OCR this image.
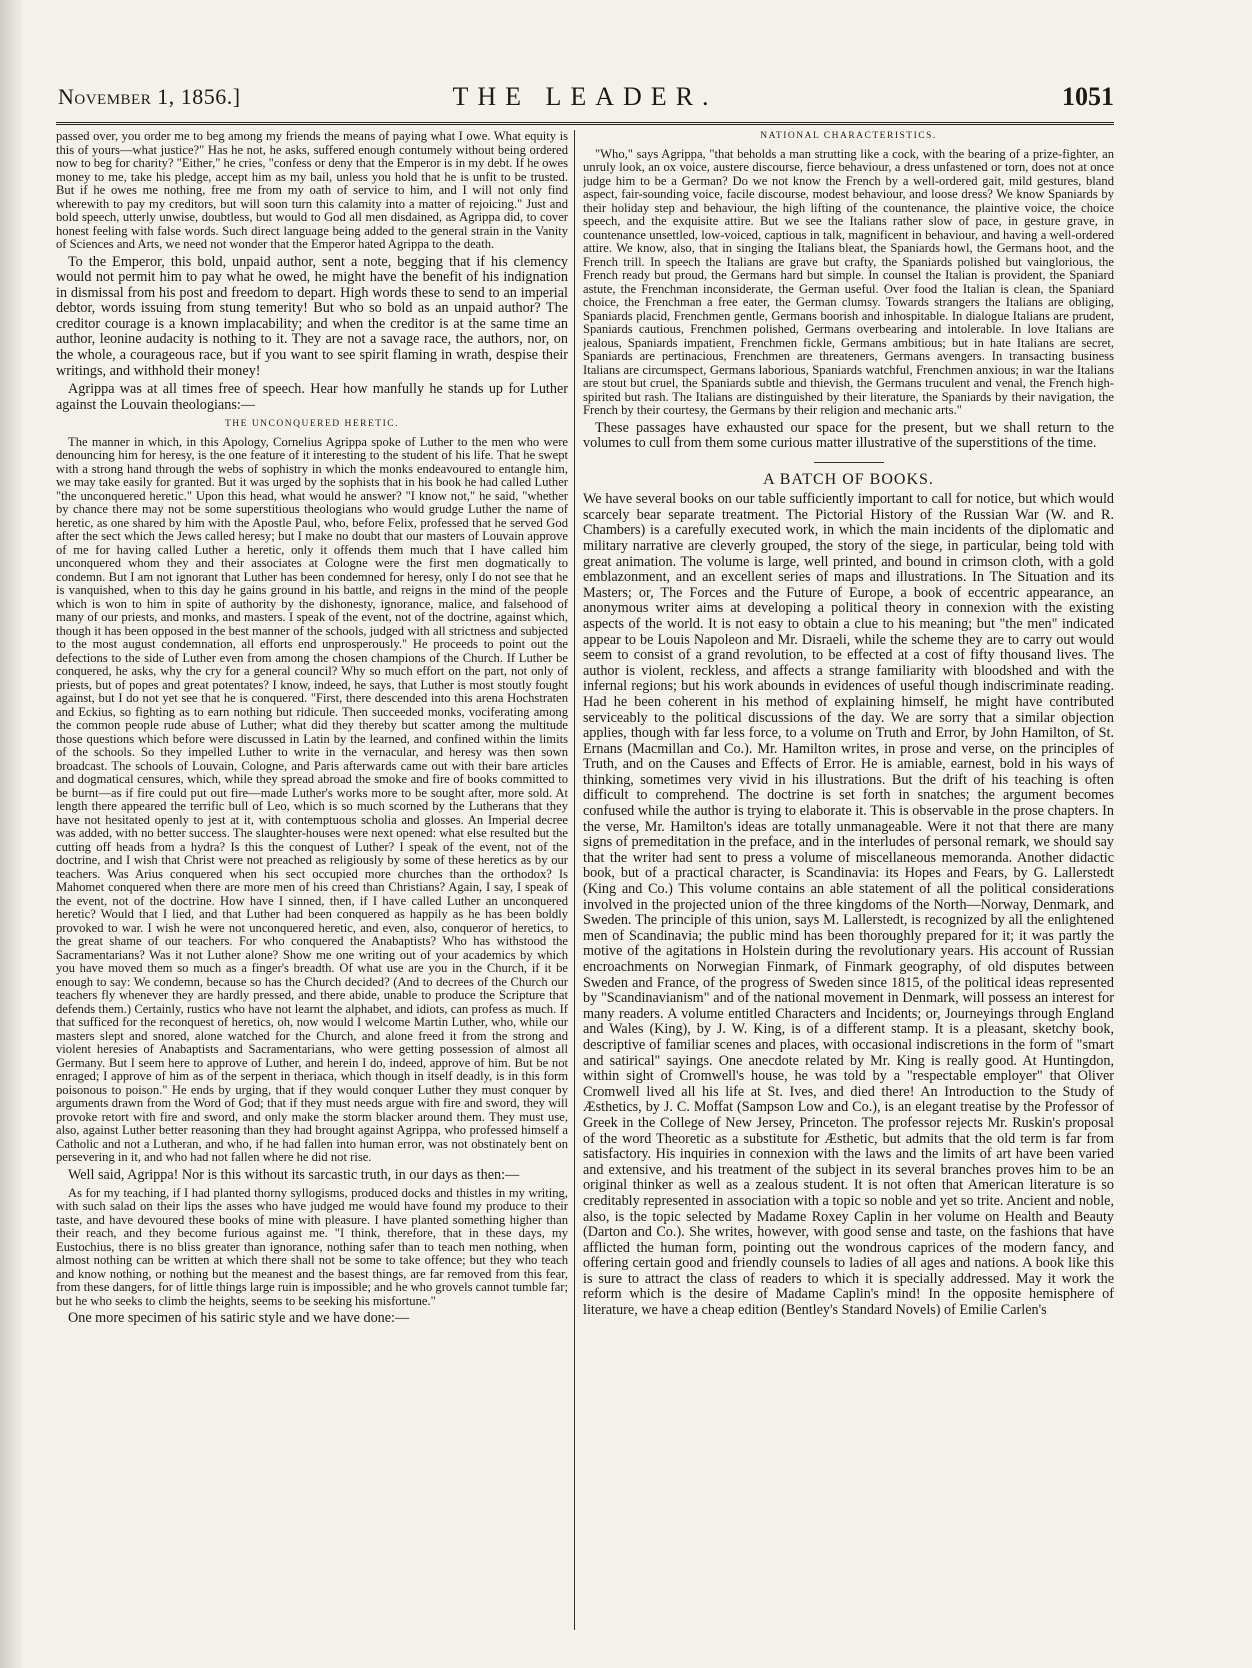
November 1, 1856.]	THE LEADER.	1051

passed over, you order me to beg among my friends the means of paying what I owe. What equity is this of yours—what justice?" Has he not, he asks, suffered enough contumely without being ordered now to beg for charity? "Either," he cries, "confess or deny that the Emperor is in my debt. If he owes money to me, take his pledge, accept him as my bail, unless you hold that he is unfit to be trusted. But if he owes me nothing, free me from my oath of service to him, and I will not only find wherewith to pay my creditors, but will soon turn this calamity into a matter of rejoicing." Just and bold speech, utterly unwise, doubtless, but would to God all men disdained, as Agrippa did, to cover honest feeling with false words. Such direct language being added to the general strain in the Vanity of Sciences and Arts, we need not wonder that the Emperor hated Agrippa to the death.

To the Emperor, this bold, unpaid author, sent a note, begging that if his clemency would not permit him to pay what he owed, he might have the benefit of his indignation in dismissal from his post and freedom to depart. High words these to send to an imperial debtor, words issuing from stung temerity! But who so bold as an unpaid author? The creditor courage is a known implacability; and when the creditor is at the same time an author, leonine audacity is nothing to it. They are not a savage race, the authors, nor, on the whole, a courageous race, but if you want to see spirit flaming in wrath, despise their writings, and withhold their money!

Agrippa was at all times free of speech. Hear how manfully he stands up for Luther against the Louvain theologians:—

THE UNCONQUERED HERETIC.

The manner in which, in this Apology, Cornelius Agrippa spoke of Luther to the men who were denouncing him for heresy, is the one feature of it interesting to the student of his life. That he swept with a strong hand through the webs of sophistry in which the monks endeavoured to entangle him, we may take easily for granted. But it was urged by the sophists that in his book he had called Luther "the unconquered heretic." Upon this head, what would he answer? "I know not," he said, "whether by chance there may not be some superstitious theologians who would grudge Luther the name of heretic, as one shared by him with the Apostle Paul, who, before Felix, professed that he served God after the sect which the Jews called heresy; but I make no doubt that our masters of Louvain approve of me for having called Luther a heretic, only it offends them much that I have called him unconquered whom they and their associates at Cologne were the first men dogmatically to condemn. But I am not ignorant that Luther has been condemned for heresy, only I do not see that he is vanquished, when to this day he gains ground in his battle, and reigns in the mind of the people which is won to him in spite of authority by the dishonesty, ignorance, malice, and falsehood of many of our priests, and monks, and masters. I speak of the event, not of the doctrine, against which, though it has been opposed in the best manner of the schools, judged with all strictness and subjected to the most august condemnation, all efforts end unprosperously." He proceeds to point out the defections to the side of Luther even from among the chosen champions of the Church. If Luther be conquered, he asks, why the cry for a general council? Why so much effort on the part, not only of priests, but of popes and great potentates? I know, indeed, he says, that Luther is most stoutly fought against, but I do not yet see that he is conquered. "First, there descended into this arena Hochstraten and Eckius, so fighting as to earn nothing but ridicule. Then succeeded monks, vociferating among the common people rude abuse of Luther; what did they thereby but scatter among the multitude those questions which before were discussed in Latin by the learned, and confined within the limits of the schools. So they impelled Luther to write in the vernacular, and heresy was then sown broadcast. The schools of Louvain, Cologne, and Paris afterwards came out with their bare articles and dogmatical censures, which, while they spread abroad the smoke and fire of books committed to be burnt—as if fire could put out fire—made Luther's works more to be sought after, more sold. At length there appeared the terrific bull of Leo, which is so much scorned by the Lutherans that they have not hesitated openly to jest at it, with contemptuous scholia and glosses. An Imperial decree was added, with no better success. The slaughter-houses were next opened: what else resulted but the cutting off heads from a hydra? Is this the conquest of Luther? I speak of the event, not of the doctrine, and I wish that Christ were not preached as religiously by some of these heretics as by our teachers. Was Arius conquered when his sect occupied more churches than the orthodox? Is Mahomet conquered when there are more men of his creed than Christians? Again, I say, I speak of the event, not of the doctrine. How have I sinned, then, if I have called Luther an unconquered heretic? Would that I lied, and that Luther had been conquered as happily as he has been boldly provoked to war. I wish he were not unconquered heretic, and even, also, conqueror of heretics, to the great shame of our teachers. For who conquered the Anabaptists? Who has withstood the Sacramentarians? Was it not Luther alone? Show me one writing out of your academics by which you have moved them so much as a finger's breadth. Of what use are you in the Church, if it be enough to say: We condemn, because so has the Church decided? (And to decrees of the Church our teachers fly whenever they are hardly pressed, and there abide, unable to produce the Scripture that defends them.) Certainly, rustics who have not learnt the alphabet, and idiots, can profess as much. If that sufficed for the reconquest of heretics, oh, now would I welcome Martin Luther, who, while our masters slept and snored, alone watched for the Church, and alone freed it from the strong and violent heresies of Anabaptists and Sacramentarians, who were getting possession of almost all Germany. But I seem here to approve of Luther, and herein I do, indeed, approve of him. But be not enraged; I approve of him as of the serpent in theriaca, which though in itself deadly, is in this form poisonous to poison." He ends by urging, that if they would conquer Luther they must conquer by arguments drawn from the Word of God; that if they must needs argue with fire and sword, they will provoke retort with fire and sword, and only make the storm blacker around them. They must use, also, against Luther better reasoning than they had brought against Agrippa, who professed himself a Catholic and not a Lutheran, and who, if he had fallen into human error, was not obstinately bent on persevering in it, and who had not fallen where he did not rise.

Well said, Agrippa! Nor is this without its sarcastic truth, in our days as then:—

As for my teaching, if I had planted thorny syllogisms, produced docks and thistles in my writing, with such salad on their lips the asses who have judged me would have found my produce to their taste, and have devoured these books of mine with pleasure. I have planted something higher than their reach, and they become furious against me. "I think, therefore, that in these days, my Eustochius, there is no bliss greater than ignorance, nothing safer than to teach men nothing, when almost nothing can be written at which there shall not be some to take offence; but they who teach and know nothing, or nothing but the meanest and the basest things, are far removed from this fear, from these dangers, for of little things large ruin is impossible; and he who grovels cannot tumble far; but he who seeks to climb the heights, seems to be seeking his misfortune."

One more specimen of his satiric style and we have done:—

NATIONAL CHARACTERISTICS.

"Who," says Agrippa, "that beholds a man strutting like a cock, with the bearing of a prize-fighter, an unruly look, an ox voice, austere discourse, fierce behaviour, a dress unfastened or torn, does not at once judge him to be a German? Do we not know the French by a well-ordered gait, mild gestures, bland aspect, fair-sounding voice, facile discourse, modest behaviour, and loose dress? We know Spaniards by their holiday step and behaviour, the high lifting of the countenance, the plaintive voice, the choice speech, and the exquisite attire. But we see the Italians rather slow of pace, in gesture grave, in countenance unsettled, low-voiced, captious in talk, magnificent in behaviour, and having a well-ordered attire. We know, also, that in singing the Italians bleat, the Spaniards howl, the Germans hoot, and the French trill. In speech the Italians are grave but crafty, the Spaniards polished but vainglorious, the French ready but proud, the Germans hard but simple. In counsel the Italian is provident, the Spaniard astute, the Frenchman inconsiderate, the German useful. Over food the Italian is clean, the Spaniard choice, the Frenchman a free eater, the German clumsy. Towards strangers the Italians are obliging, Spaniards placid, Frenchmen gentle, Germans boorish and inhospitable. In dialogue Italians are prudent, Spaniards cautious, Frenchmen polished, Germans overbearing and intolerable. In love Italians are jealous, Spaniards impatient, Frenchmen fickle, Germans ambitious; but in hate Italians are secret, Spaniards are pertinacious, Frenchmen are threateners, Germans avengers. In transacting business Italians are circumspect, Germans laborious, Spaniards watchful, Frenchmen anxious; in war the Italians are stout but cruel, the Spaniards subtle and thievish, the Germans truculent and venal, the French high-spirited but rash. The Italians are distinguished by their literature, the Spaniards by their navigation, the French by their courtesy, the Germans by their religion and mechanic arts."

These passages have exhausted our space for the present, but we shall return to the volumes to cull from them some curious matter illustrative of the superstitions of the time.

A BATCH OF BOOKS.

We have several books on our table sufficiently important to call for notice, but which would scarcely bear separate treatment. The Pictorial History of the Russian War (W. and R. Chambers) is a carefully executed work, in which the main incidents of the diplomatic and military narrative are cleverly grouped, the story of the siege, in particular, being told with great animation. The volume is large, well printed, and bound in crimson cloth, with a gold emblazonment, and an excellent series of maps and illustrations. In The Situation and its Masters; or, The Forces and the Future of Europe, a book of eccentric appearance, an anonymous writer aims at developing a political theory in connexion with the existing aspects of the world. It is not easy to obtain a clue to his meaning; but "the men" indicated appear to be Louis Napoleon and Mr. Disraeli, while the scheme they are to carry out would seem to consist of a grand revolution, to be effected at a cost of fifty thousand lives. The author is violent, reckless, and affects a strange familiarity with bloodshed and with the infernal regions; but his work abounds in evidences of useful though indiscriminate reading. Had he been coherent in his method of explaining himself, he might have contributed serviceably to the political discussions of the day. We are sorry that a similar objection applies, though with far less force, to a volume on Truth and Error, by John Hamilton, of St. Ernans (Macmillan and Co.). Mr. Hamilton writes, in prose and verse, on the principles of Truth, and on the Causes and Effects of Error. He is amiable, earnest, bold in his ways of thinking, sometimes very vivid in his illustrations. But the drift of his teaching is often difficult to comprehend. The doctrine is set forth in snatches; the argument becomes confused while the author is trying to elaborate it. This is observable in the prose chapters. In the verse, Mr. Hamilton's ideas are totally unmanageable. Were it not that there are many signs of premeditation in the preface, and in the interludes of personal remark, we should say that the writer had sent to press a volume of miscellaneous memoranda. Another didactic book, but of a practical character, is Scandinavia: its Hopes and Fears, by G. Lallerstedt (King and Co.) This volume contains an able statement of all the political considerations involved in the projected union of the three kingdoms of the North—Norway, Denmark, and Sweden. The principle of this union, says M. Lallerstedt, is recognized by all the enlightened men of Scandinavia; the public mind has been thoroughly prepared for it; it was partly the motive of the agitations in Holstein during the revolutionary years. His account of Russian encroachments on Norwegian Finmark, of Finmark geography, of old disputes between Sweden and France, of the progress of Sweden since 1815, of the political ideas represented by "Scandinavianism" and of the national movement in Denmark, will possess an interest for many readers. A volume entitled Characters and Incidents; or, Journeyings through England and Wales (King), by J. W. King, is of a different stamp. It is a pleasant, sketchy book, descriptive of familiar scenes and places, with occasional indiscretions in the form of "smart and satirical" sayings. One anecdote related by Mr. King is really good. At Huntingdon, within sight of Cromwell's house, he was told by a "respectable employer" that Oliver Cromwell lived all his life at St. Ives, and died there! An Introduction to the Study of Æsthetics, by J. C. Moffat (Sampson Low and Co.), is an elegant treatise by the Professor of Greek in the College of New Jersey, Princeton. The professor rejects Mr. Ruskin's proposal of the word Theoretic as a substitute for Æsthetic, but admits that the old term is far from satisfactory. His inquiries in connexion with the laws and the limits of art have been varied and extensive, and his treatment of the subject in its several branches proves him to be an original thinker as well as a zealous student. It is not often that American literature is so creditably represented in association with a topic so noble and yet so trite. Ancient and noble, also, is the topic selected by Madame Roxey Caplin in her volume on Health and Beauty (Darton and Co.). She writes, however, with good sense and taste, on the fashions that have afflicted the human form, pointing out the wondrous caprices of the modern fancy, and offering certain good and friendly counsels to ladies of all ages and nations. A book like this is sure to attract the class of readers to which it is specially addressed. May it work the reform which is the desire of Madame Caplin's mind! In the opposite hemisphere of literature, we have a cheap edition (Bentley's Standard Novels) of Emilie Carlen's
